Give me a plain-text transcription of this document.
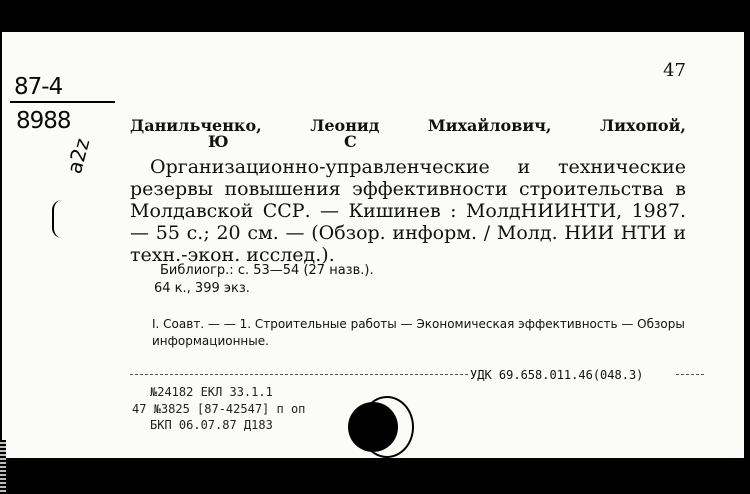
47
87-4
8988
a2z
Данильченко,	Леонид	Михайлович,	Лихопой,
Ю	С
Организационно-управленческие и технические резервы повышения эффективности строительства в Молдавской ССР. — Кишинев : МолдНИИНТИ, 1987. — 55 с.; 20 см. — (Обзор. информ. / Молд. НИИ НТИ и техн.-экон. исслед.).
Библиогр.: с. 53—54 (27 назв.).
64 к., 399 экз.
I. Соавт. — — 1. Строительные работы — Экономическая эффективность — Обзоры информационные.
УДК 69.658.011.46(048.3)
№24182 ЕКЛ 33.1.1
47 №3825 [87-42547] п оп
БКП 06.07.87 Д183
